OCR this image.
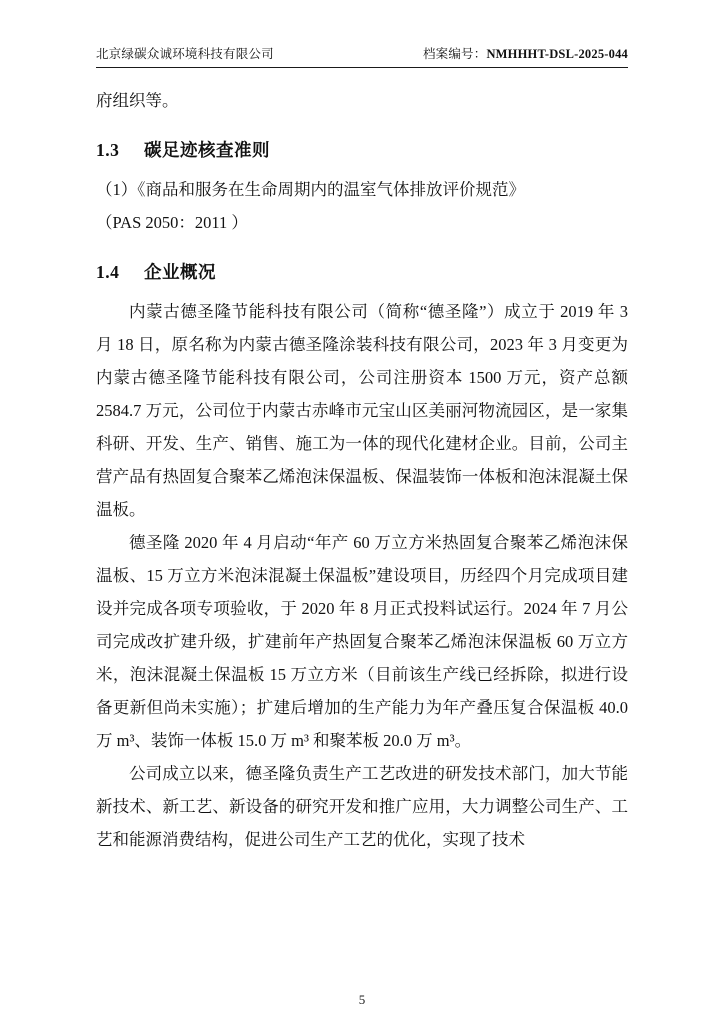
北京绿碳众诚环境科技有限公司	档案编号：NMHHHT-DSL-2025-044

府组织等。

1.3 碳足迹核查准则

（1）《商品和服务在生命周期内的温室气体排放评价规范》

（PAS 2050：2011 ）

1.4 企业概况

内蒙古德圣隆节能科技有限公司（简称“德圣隆”）成立于 2019 年 3 月 18 日，原名称为内蒙古德圣隆涂装科技有限公司，2023 年 3 月变更为内蒙古德圣隆节能科技有限公司，公司注册资本 1500 万元，资产总额 2584.7 万元，公司位于内蒙古赤峰市元宝山区美丽河物流园区，是一家集科研、开发、生产、销售、施工为一体的现代化建材企业。目前，公司主营产品有热固复合聚苯乙烯泡沫保温板、保温装饰一体板和泡沫混凝土保温板。

德圣隆 2020 年 4 月启动“年产 60 万立方米热固复合聚苯乙烯泡沫保温板、15 万立方米泡沫混凝土保温板”建设项目，历经四个月完成项目建设并完成各项专项验收，于 2020 年 8 月正式投料试运行。2024 年 7 月公司完成改扩建升级，扩建前年产热固复合聚苯乙烯泡沫保温板 60 万立方米，泡沫混凝土保温板 15 万立方米（目前该生产线已经拆除，拟进行设备更新但尚未实施）；扩建后增加的生产能力为年产叠压复合保温板 40.0 万 m³、装饰一体板 15.0 万 m³ 和聚苯板 20.0 万 m³。

公司成立以来，德圣隆负责生产工艺改进的研发技术部门，加大节能新技术、新工艺、新设备的研究开发和推广应用，大力调整公司生产、工艺和能源消费结构，促进公司生产工艺的优化，实现了技术

5
